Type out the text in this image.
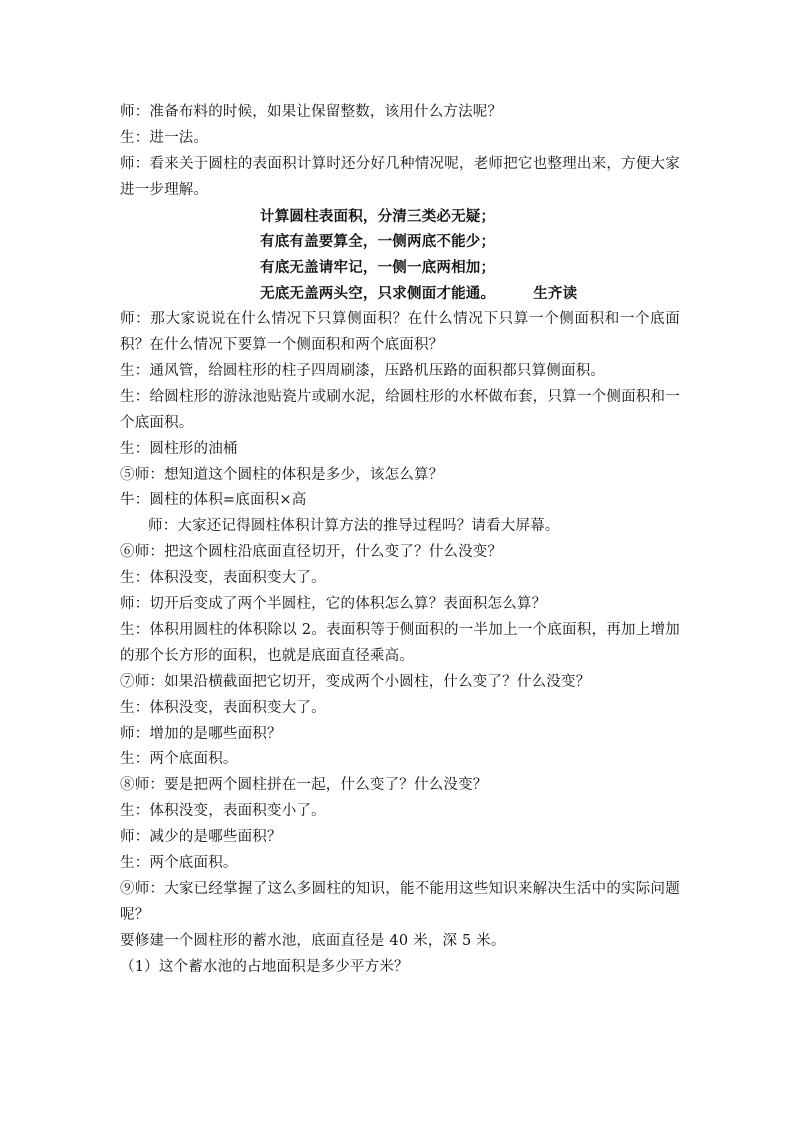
师：准备布料的时候，如果让保留整数，该用什么方法呢？
生：进一法。
师：看来关于圆柱的表面积计算时还分好几种情况呢，老师把它也整理出来，方便大家进一步理解。
计算圆柱表面积，分清三类必无疑；
有底有盖要算全，一侧两底不能少；
有底无盖请牢记，一侧一底两相加；
无底无盖两头空，只求侧面才能通。	生齐读
师：那大家说说在什么情况下只算侧面积？在什么情况下只算一个侧面积和一个底面积？在什么情况下要算一个侧面积和两个底面积？
生：通风管，给圆柱形的柱子四周刷漆，压路机压路的面积都只算侧面积。
生：给圆柱形的游泳池贴瓷片或刷水泥，给圆柱形的水杯做布套，只算一个侧面积和一个底面积。
生：圆柱形的油桶
⑤师：想知道这个圆柱的体积是多少，该怎么算？
牛：圆柱的体积=底面积×高
师：大家还记得圆柱体积计算方法的推导过程吗？请看大屏幕。
⑥师：把这个圆柱沿底面直径切开，什么变了？什么没变？
生：体积没变，表面积变大了。
师：切开后变成了两个半圆柱，它的体积怎么算？表面积怎么算？
生：体积用圆柱的体积除以 2。表面积等于侧面积的一半加上一个底面积，再加上增加的那个长方形的面积，也就是底面直径乘高。
⑦师：如果沿横截面把它切开，变成两个小圆柱，什么变了？什么没变？
生：体积没变，表面积变大了。
师：增加的是哪些面积？
生：两个底面积。
⑧师：要是把两个圆柱拼在一起，什么变了？什么没变？
生：体积没变，表面积变小了。
师：减少的是哪些面积？
生：两个底面积。
⑨师：大家已经掌握了这么多圆柱的知识，能不能用这些知识来解决生活中的实际问题呢？
要修建一个圆柱形的蓄水池，底面直径是 40 米，深 5 米。
（1）这个蓄水池的占地面积是多少平方米？
